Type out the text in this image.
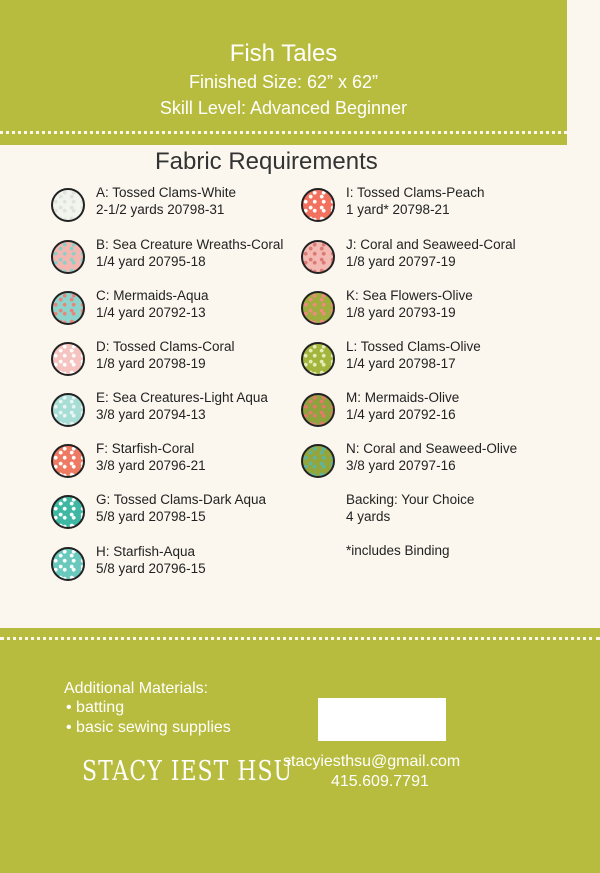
Fish Tales
Finished Size: 62” x 62”
Skill Level: Advanced Beginner
Fabric Requirements
A: Tossed Clams-White
2-1/2 yards 20798-31
B: Sea Creature Wreaths-Coral
1/4 yard 20795-18
C: Mermaids-Aqua
1/4 yard 20792-13
D: Tossed Clams-Coral
1/8 yard 20798-19
E: Sea Creatures-Light Aqua
3/8 yard 20794-13
F: Starfish-Coral
3/8 yard 20796-21
G: Tossed Clams-Dark Aqua
5/8 yard 20798-15
H: Starfish-Aqua
5/8 yard 20796-15
I: Tossed Clams-Peach
1 yard* 20798-21
J: Coral and Seaweed-Coral
1/8 yard 20797-19
K: Sea Flowers-Olive
1/8 yard 20793-19
L: Tossed Clams-Olive
1/4 yard 20798-17
M: Mermaids-Olive
1/4 yard 20792-16
N: Coral and Seaweed-Olive
3/8 yard 20797-16
Backing: Your Choice
4 yards
*includes Binding
Additional Materials:
• batting
• basic sewing supplies
STACY IEST HSU
stacyiesthsu@gmail.com
415.609.7791
